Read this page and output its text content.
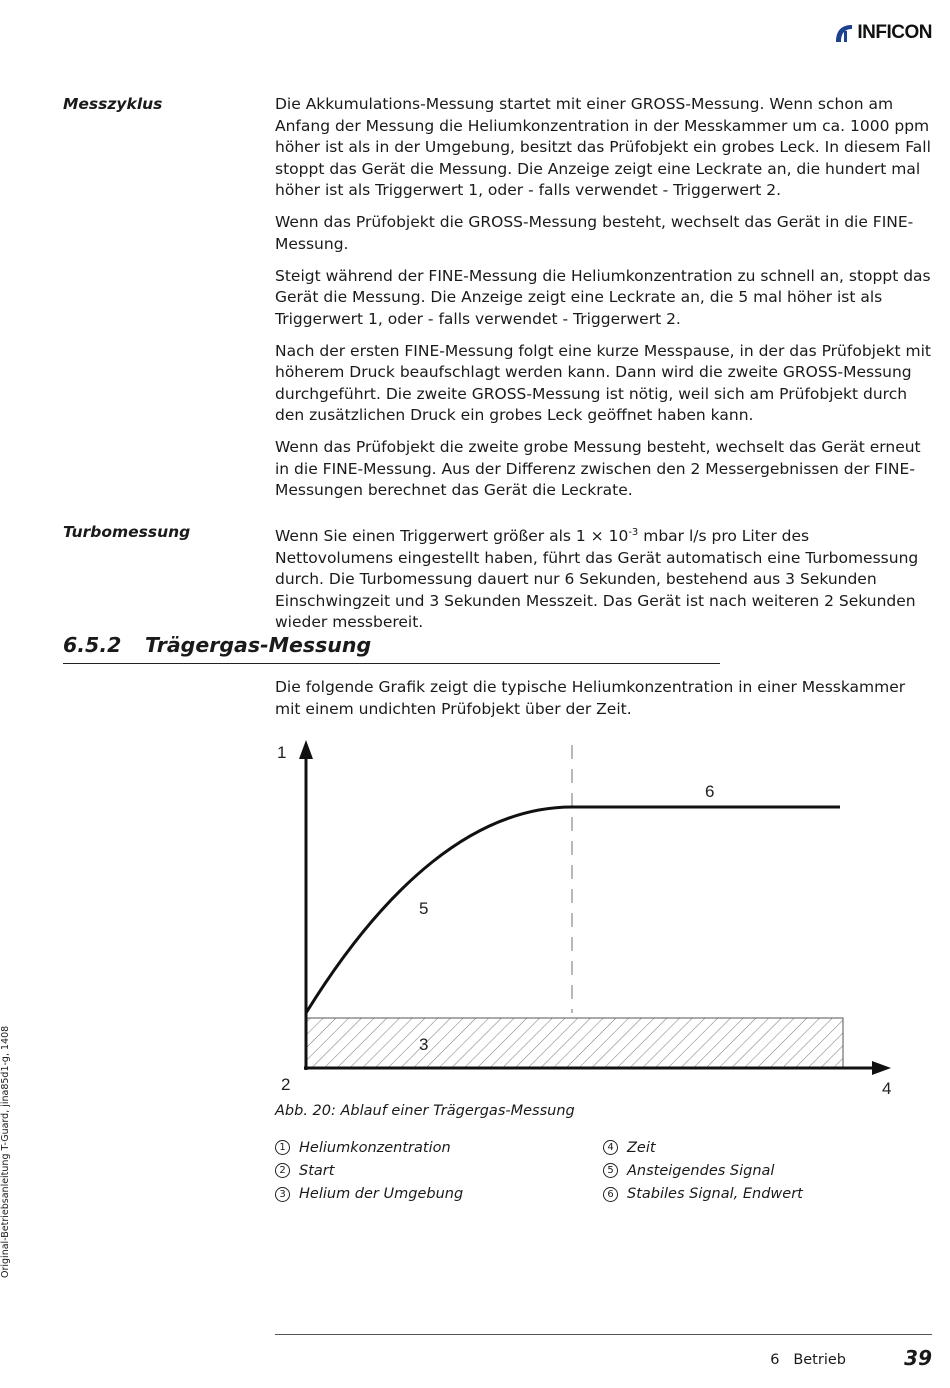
INFICON
Messzyklus	Die Akkumulations-Messung startet mit einer GROSS-Messung. Wenn schon am Anfang der Messung die Heliumkonzentration in der Messkammer um ca. 1000 ppm höher ist als in der Umgebung, besitzt das Prüfobjekt ein grobes Leck. In diesem Fall stoppt das Gerät die Messung. Die Anzeige zeigt eine Leckrate an, die hundert mal höher ist als Triggerwert 1, oder - falls verwendet - Triggerwert 2.

Wenn das Prüfobjekt die GROSS-Messung besteht, wechselt das Gerät in die FINE-Messung.

Steigt während der FINE-Messung die Heliumkonzentration zu schnell an, stoppt das Gerät die Messung. Die Anzeige zeigt eine Leckrate an, die 5 mal höher ist als Triggerwert 1, oder - falls verwendet - Triggerwert 2.

Nach der ersten FINE-Messung folgt eine kurze Messpause, in der das Prüfobjekt mit höherem Druck beaufschlagt werden kann. Dann wird die zweite GROSS-Messung durchgeführt. Die zweite GROSS-Messung ist nötig, weil sich am Prüfobjekt durch den zusätzlichen Druck ein grobes Leck geöffnet haben kann.

Wenn das Prüfobjekt die zweite grobe Messung besteht, wechselt das Gerät erneut in die FINE-Messung. Aus der Differenz zwischen den 2 Messergebnissen der FINE-Messungen berechnet das Gerät die Leckrate.

Turbomessung	Wenn Sie einen Triggerwert größer als $1 \times 10^{-3}$ mbar l/s pro Liter des Nettovolumens eingestellt haben, führt das Gerät automatisch eine Turbomessung durch. Die Turbomessung dauert nur 6 Sekunden, bestehend aus 3 Sekunden Einschwingzeit und 3 Sekunden Messzeit. Das Gerät ist nach weiteren 2 Sekunden wieder messbereit.

6.5.2 Trägergas-Messung

Die folgende Grafik zeigt die typische Heliumkonzentration in einer Messkammer mit einem undichten Prüfobjekt über der Zeit.

1
6
5
3
2	4
Abb. 20: Ablauf einer Trägergas-Messung
1 Heliumkonzentration
2 Start
3 Helium der Umgebung
4 Zeit
5 Ansteigendes Signal
6 Stabiles Signal, Endwert
Original-Betriebsanleitung T-Guard, jina85d1-g, 1408
6   Betrieb	39
